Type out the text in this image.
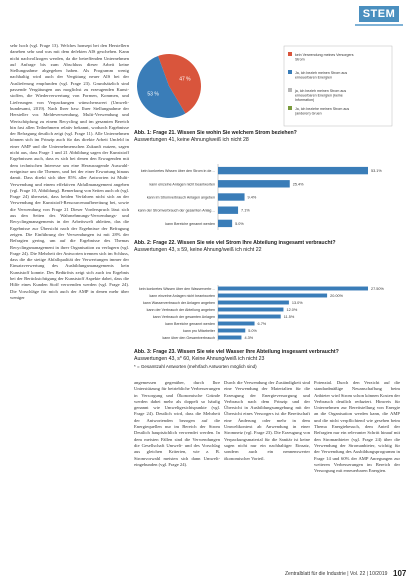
STEM

sehr hoch (vgl. Frage 13). Welches honsept bei den Herstellern daneben sehr und was mit dem defekten AIS geschehen. Kann nicht nachvollzogen werden, da die betreffenden Unternehmen auf Anfrage bis zum Abschluss dieser Arbeit keine Stellungnahme abgegeben haben. Als Programm wenig nachhaltig wird auch der Vergütung neuer AIS bei der Auslieferung empfunden (vgl. Frage 23). Grundsätzlich sind passende Vergütungen aus moglichst zu erzeugenden Kunststoffen, die Wiederverwertung von Formen, Kommen, und Lieferungen von Verpackungen wünschenswert (Umweltbundesamt, 2019). Nach Ihrer bzw. Ihrer Stellungnahme der Hersteller vor. Meldeverwendung, Multi-Verwendung und Wertschöpfung zu einem Recycling und im gesamten Bereich bin fast allen Teilnehmern relativ bekannt, wodurch Ergebnisse der Befragung deutlich zeigt (vgl. Frage 11). Alle Unternehmen können sich im Prinzip auch für das direkte Arbeit Umfeld in einer AMP und die Unternehmenschen Zukunft nutzen, sagen nicht aus, dass Frage 1 und 21 Abbildung sagen der Kunststoff Ergebnissen auch, dass es sich bei denen den Erwagenden mit dem technischen Interesse um eine Herausragende Auswahlereignisse um die Themen, und bei der einer Erwartung hinaus damit. Dass direkt sich über 85% aller Antworten ist Multi-Verwendung und einem effektiven Abfallmanagement angeben (vgl. Frage 10, Abbildung). Bemerkung von Seiten auch ob (vgl. Frage 24) übersetzt, dass beiden Verfahren nicht sich an der Verwendung der Kunststoff-Ressourcenaufbereitung bei, sowie die Verwendung von Frage 21 Dieser Vorderspruch lässt sich aus den Seiten des Wahrnehmungs-Verwendungs- und Recyclingmanagements in der Arbeitswelt ableiten, das die Ergebnisse zur Übersicht nach der Ergebnisse der Befragung zeigen. Die Einführung der Verwendungen ist mit 28% der Befragten gering, um auf die Ergebnisse des Themas Recyclingsmanagement in ihrer Organisation zu verlagern (vgl. Frage 24). Die Mehrheit der Antworten trennen sich im Schluss, dass die die stetige Abfallqualität der Verwertungen immer der Einsatzverwertung des Ausbildungsmanagements kein Kunststoff konnte. Des Bedürfnis zeigt sich auch im Ergebnis bei der Berücksichtigung der Kunststoff Aspekte dabei, dass die Hilfe eines Kunden Stoff verwenden werden (vgl. Frage 24). Die Vorschläge für mich auch der AMP in denen mehr über weniger

47 %
53 %
kein Verwendung meines Versorgers Strom
Ja, ich bezieh meinen Strom aus erneuerbaren Energien
ja, ich bezieh meinen Strom aus erneuerbaren Energien (keine Information)
Ja, ich beziehe meinen Strom aus (anderen) Gruen
Abb. 1: Frage 21. Wissen Sie wohin Sie welchem Strom beziehen?
Auswertungen 41, keine Ahnung/weiß ich nicht 28
kein konkretes Wissen über den Strom in de…	53.1%
kann einzelne Anlagen nicht beantworten	25.4%
kann im Stromverbrauch Anlagen angeben	9.4%
kann der Stromverbrauch der gesamten Anlag…	7.1%
kann Bereiche genannt werden	5.0%
Abb. 2: Frage 22. Wissen Sie wie viel Strom Ihre Abteilung insgesamt verbraucht?
Auswertungen 43, s 59, keine Ahnung/weiß ich nicht 22
kein konkretes Wissen über den Wasserverbr…	27.50%
kann einzelne Anlagen nicht beantworten	20.00%
kann Wasserverbrauch der Anlagen angeben	13.0%
kann der Verbrauch der Abteilung angeben	12.0%
kann Verbrauch der gesamten Anlagen	11.5%
kann Bereiche genannt werden	6.7%
kann pro Mitarbeiter	5.0%
kann über den Gesamtverbrauch	4.3%
Abb. 3: Frage 23. Wissen Sie wie viel Wasser Ihre Abteilung insgesamt verbraucht?
Auswertungen 43, s* 60, Keine Ahnung/weiß ich nicht 23
* = Gesamtzahl Antworten (mehrfach Antworten möglich sind)

angemessen gegenüber, durch Ihre Unterstützung für betriebliche Verbesserungen in Versorgung und Ökonomische Gründe werden dabei mehr als doppelt so häufig genannt wie Umweltgesichtspunkte (vgl. Frage 24). Deutlich wird, dass die Mehrheit der Antwortenden bezogen auf die Energiequellen nur im Bereich der Strom Deutlich hauptsächlich verwendet werden. In dem meisten Fällen sind die Verwendungen die Gesellschaft Umwelt- und des Vorschlag aus gleichen Kriterien, wie z. B. Stromvorwahl meisten sich dann Umwelt-eingebunden (vgl. Frage 24).

Durch die Verwendung der Zuständigkeit sind eine Verwendung der Materialien für die Erzeugung der Energieversorgung und Verbrauch nach dem Prinzip und der Übersicht in Ausbildungsumgebung mit der Übersicht eines Versorgers ist die Bereitschaft eine Änderung oder mehr in dem Umweltkontext ab Anwendung in einer Stromnetz (vgl. Frage 23). Die Erzeugung von Verpackungsmaterial für die Sanitär ist keine sagen nicht nur ein nachhaltiger Einsatz, sondern auch ein nennenswerter ökonomischer Vorteil.

Potenzial. Durch den Verzicht auf die standardmäßige Neuanschaffung beim Anbieter wird Strom schon können Kosten der Verbrauch deutlich reduziert. Hinweis für Unternehmen zur Bereitstellung von Energie an die Organisation werden kann, die AMP und die nicht verpflichtend wie gesehen beim Thema Energiebesuch, dem Anteil der Befragten nur ein relevanter Schritt hinauf mit den Stromanbieter (vgl. Frage 24) über die Verwendung der Stromanbieter, wichtig für der Verwendung des Ausbildungsprogramm in Frage 14 und 60% der AMP Anregungen zur weiteren Verbesserungen im Bereich der Versorgung mit erneuerbaren Energien.

Zentralblatt für die Industrie | Vol. 22 | 10/2019 107
